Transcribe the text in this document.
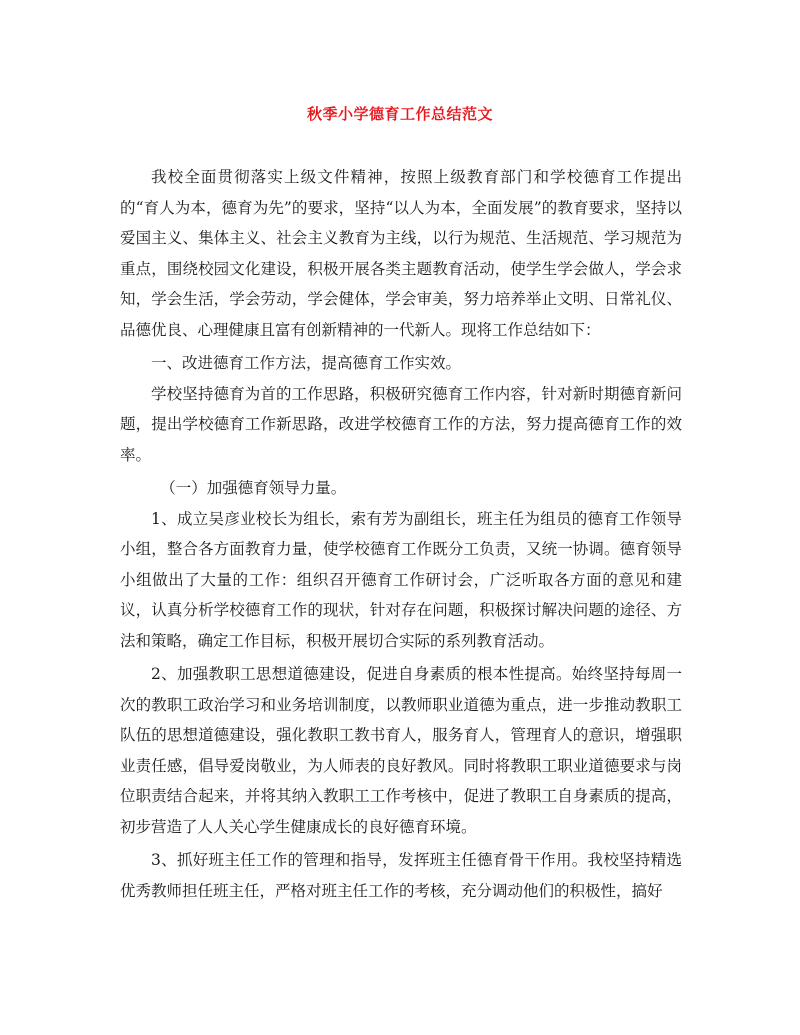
秋季小学德育工作总结范文

我校全面贯彻落实上级文件精神，按照上级教育部门和学校德育工作提出的“育人为本，德育为先”的要求，坚持“以人为本，全面发展”的教育要求，坚持以爱国主义、集体主义、社会主义教育为主线，以行为规范、生活规范、学习规范为重点，围绕校园文化建设，积极开展各类主题教育活动，使学生学会做人，学会求知，学会生活，学会劳动，学会健体，学会审美，努力培养举止文明、日常礼仪、品德优良、心理健康且富有创新精神的一代新人。现将工作总结如下：

一、改进德育工作方法，提高德育工作实效。

学校坚持德育为首的工作思路，积极研究德育工作内容，针对新时期德育新问题，提出学校德育工作新思路，改进学校德育工作的方法，努力提高德育工作的效率。

（一）加强德育领导力量。

1、成立吴彦业校长为组长，索有芳为副组长，班主任为组员的德育工作领导小组，整合各方面教育力量，使学校德育工作既分工负责，又统一协调。德育领导小组做出了大量的工作：组织召开德育工作研讨会，广泛听取各方面的意见和建议，认真分析学校德育工作的现状，针对存在问题，积极探讨解决问题的途径、方法和策略，确定工作目标，积极开展切合实际的系列教育活动。

2、加强教职工思想道德建设，促进自身素质的根本性提高。始终坚持每周一次的教职工政治学习和业务培训制度，以教师职业道德为重点，进一步推动教职工队伍的思想道德建设，强化教职工教书育人，服务育人，管理育人的意识，增强职业责任感，倡导爱岗敬业，为人师表的良好教风。同时将教职工职业道德要求与岗位职责结合起来，并将其纳入教职工工作考核中，促进了教职工自身素质的提高，初步营造了人人关心学生健康成长的良好德育环境。

3、抓好班主任工作的管理和指导，发挥班主任德育骨干作用。我校坚持精选优秀教师担任班主任，严格对班主任工作的考核，充分调动他们的积极性，搞好
